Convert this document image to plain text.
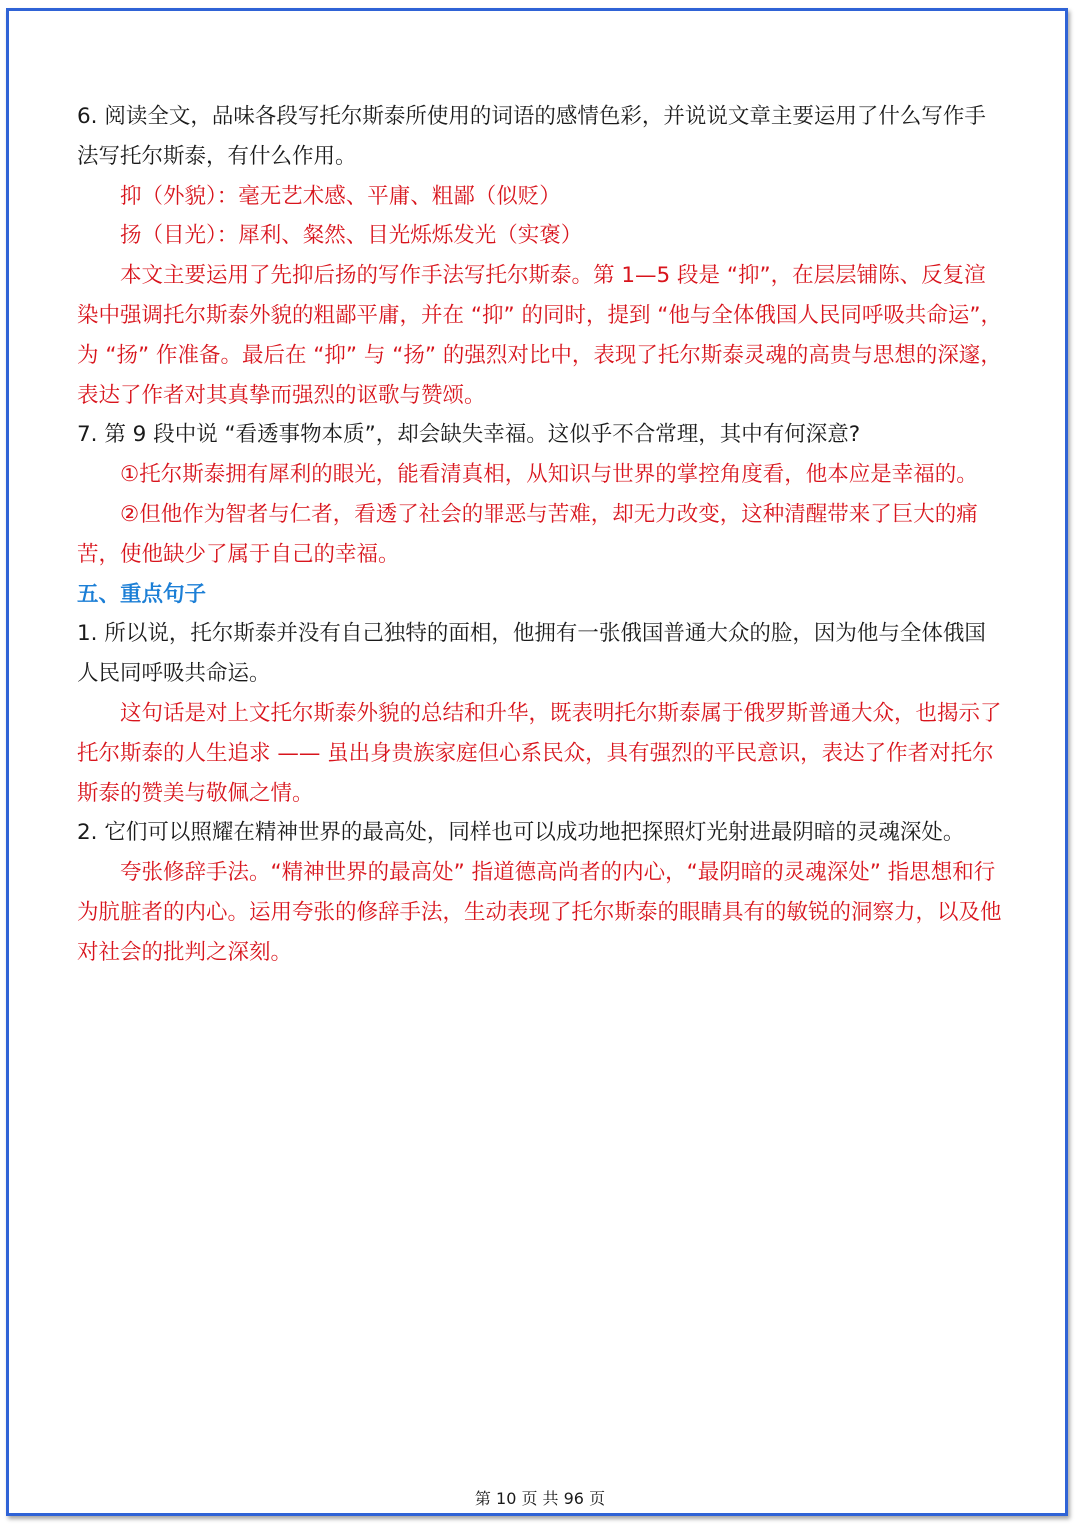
6. 阅读全文，品味各段写托尔斯泰所使用的词语的感情色彩，并说说文章主要运用了什么写作手法写托尔斯泰，有什么作用。

抑（外貌）：毫无艺术感、平庸、粗鄙（似贬）

扬（目光）：犀利、粲然、目光烁烁发光（实褒）

本文主要运用了先抑后扬的写作手法写托尔斯泰。第 1—5 段是 “抑”，在层层铺陈、反复渲染中强调托尔斯泰外貌的粗鄙平庸，并在 “抑” 的同时，提到 “他与全体俄国人民同呼吸共命运”，为 “扬” 作准备。最后在 “抑” 与 “扬” 的强烈对比中，表现了托尔斯泰灵魂的高贵与思想的深邃，表达了作者对其真挚而强烈的讴歌与赞颂。

7. 第 9 段中说 “看透事物本质”，却会缺失幸福。这似乎不合常理，其中有何深意?

①托尔斯泰拥有犀利的眼光，能看清真相，从知识与世界的掌控角度看，他本应是幸福的。

②但他作为智者与仁者，看透了社会的罪恶与苦难，却无力改变，这种清醒带来了巨大的痛苦，使他缺少了属于自己的幸福。

五、重点句子

1. 所以说，托尔斯泰并没有自己独特的面相，他拥有一张俄国普通大众的脸，因为他与全体俄国人民同呼吸共命运。

这句话是对上文托尔斯泰外貌的总结和升华，既表明托尔斯泰属于俄罗斯普通大众，也揭示了托尔斯泰的人生追求 —— 虽出身贵族家庭但心系民众，具有强烈的平民意识，表达了作者对托尔斯泰的赞美与敬佩之情。

2. 它们可以照耀在精神世界的最高处，同样也可以成功地把探照灯光射进最阴暗的灵魂深处。

夸张修辞手法。“精神世界的最高处” 指道德高尚者的内心，“最阴暗的灵魂深处” 指思想和行为肮脏者的内心。运用夸张的修辞手法，生动表现了托尔斯泰的眼睛具有的敏锐的洞察力，以及他对社会的批判之深刻。

第 10 页 共 96 页
